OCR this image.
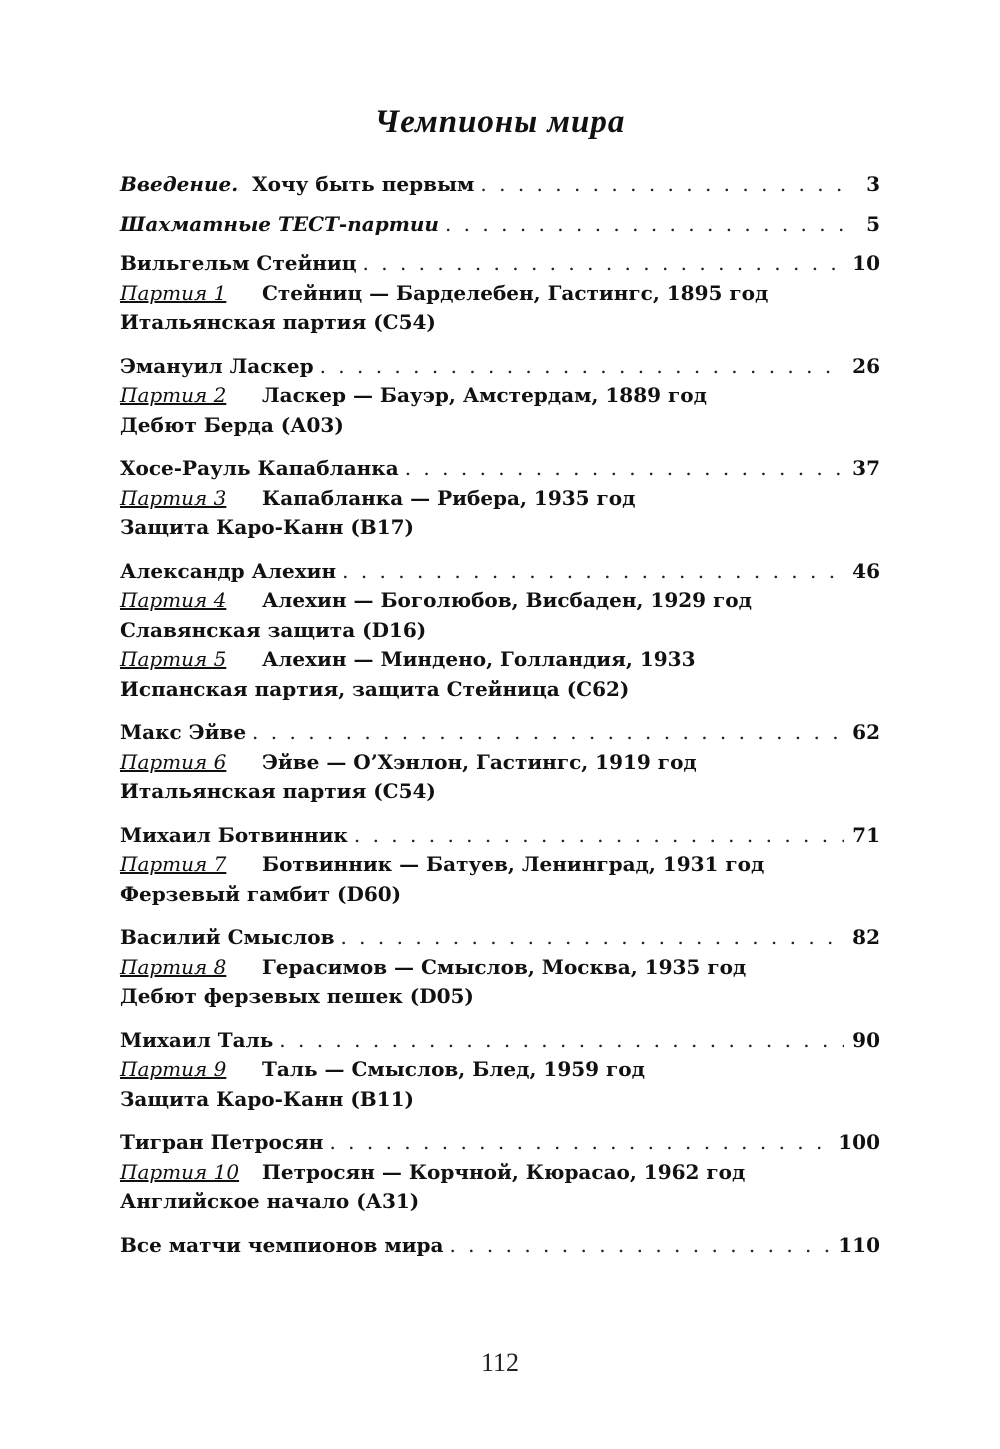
Чемпионы мира
Введение.
Хочу быть первым . . .	3
Шахматные ТЕСТ-партии . . .	5
Вильгельм Стейниц . . .	10
Партия 1	Стейниц — Барделебен, Гастингс, 1895 год
Итальянская партия (С54)
Эмануил Ласкер . . .	26
Партия 2	Ласкер — Бауэр, Амстердам, 1889 год
Дебют Берда (А03)
Хосе-Рауль Капабланка . . .	37
Партия 3	Капабланка — Рибера, 1935 год
Защита Каро-Канн (В17)
Александр Алехин . . .	46
Партия 4	Алехин — Боголюбов, Висбаден, 1929 год
Славянская защита (D16)
Партия 5	Алехин — Миндено, Голландия, 1933
Испанская партия, защита Стейница (С62)
Макс Эйве . . .	62
Партия 6	Эйве — О’Хэнлон, Гастингс, 1919 год
Итальянская партия (С54)
Михаил Ботвинник . . .	71
Партия 7	Ботвинник — Батуев, Ленинград, 1931 год
Ферзевый гамбит (D60)
Василий Смыслов . . .	82
Партия 8	Герасимов — Смыслов, Москва, 1935 год
Дебют ферзевых пешек (D05)
Михаил Таль . . .	90
Партия 9	Таль — Смыслов, Блед, 1959 год
Защита Каро-Канн (В11)
Тигран Петросян . . .	100
Партия 10	Петросян — Корчной, Кюрасао, 1962 год
Английское начало (А31)
Все матчи чемпионов мира . . .	110
112
